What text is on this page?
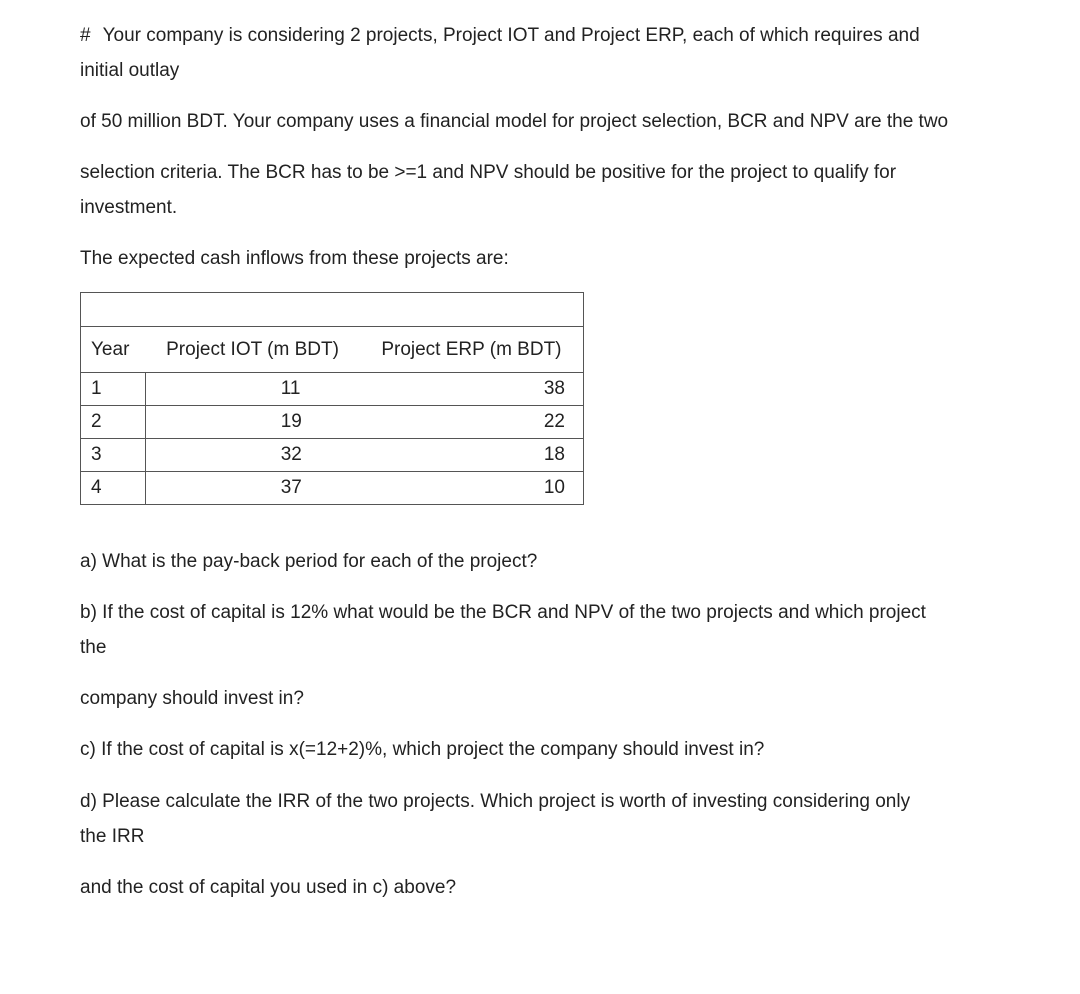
# Your company is considering 2 projects, Project IOT and Project ERP, each of which requires and
initial outlay
of 50 million BDT. Your company uses a financial model for project selection, BCR and NPV are the two
selection criteria. The BCR has to be >=1 and NPV should be positive for the project to qualify for
investment.
The expected cash inflows from these projects are:

Year	Project IOT (m BDT)	Project ERP (m BDT)
1	11	38
2	19	22
3	32	18
4	37	10
a) What is the pay-back period for each of the project?
b) If the cost of capital is 12% what would be the BCR and NPV of the two projects and which project
the
company should invest in?
c) If the cost of capital is x(=12+2)%, which project the company should invest in?
d) Please calculate the IRR of the two projects. Which project is worth of investing considering only
the IRR
and the cost of capital you used in c) above?
